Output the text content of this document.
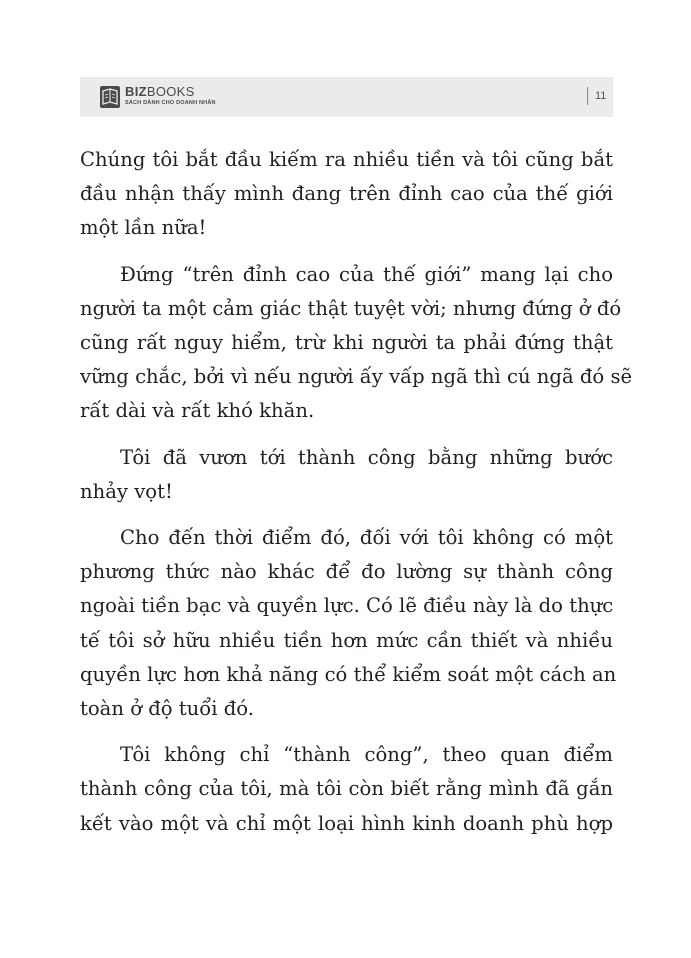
BIZBOOKS
SÁCH DÀNH CHO DOANH NHÂN
11
Chúng tôi bắt đầu kiếm ra nhiều tiền và tôi cũng bắt
đầu nhận thấy mình đang trên đỉnh cao của thế giới
một lần nữa!
Đứng “trên đỉnh cao của thế giới” mang lại cho
người ta một cảm giác thật tuyệt vời; nhưng đứng ở đó
cũng rất nguy hiểm, trừ khi người ta phải đứng thật
vững chắc, bởi vì nếu người ấy vấp ngã thì cú ngã đó sẽ
rất dài và rất khó khăn.
Tôi đã vươn tới thành công bằng những bước
nhảy vọt!
Cho đến thời điểm đó, đối với tôi không có một
phương thức nào khác để đo lường sự thành công
ngoài tiền bạc và quyền lực. Có lẽ điều này là do thực
tế tôi sở hữu nhiều tiền hơn mức cần thiết và nhiều
quyền lực hơn khả năng có thể kiểm soát một cách an
toàn ở độ tuổi đó.
Tôi không chỉ “thành công”, theo quan điểm
thành công của tôi, mà tôi còn biết rằng mình đã gắn
kết vào một và chỉ một loại hình kinh doanh phù hợp
